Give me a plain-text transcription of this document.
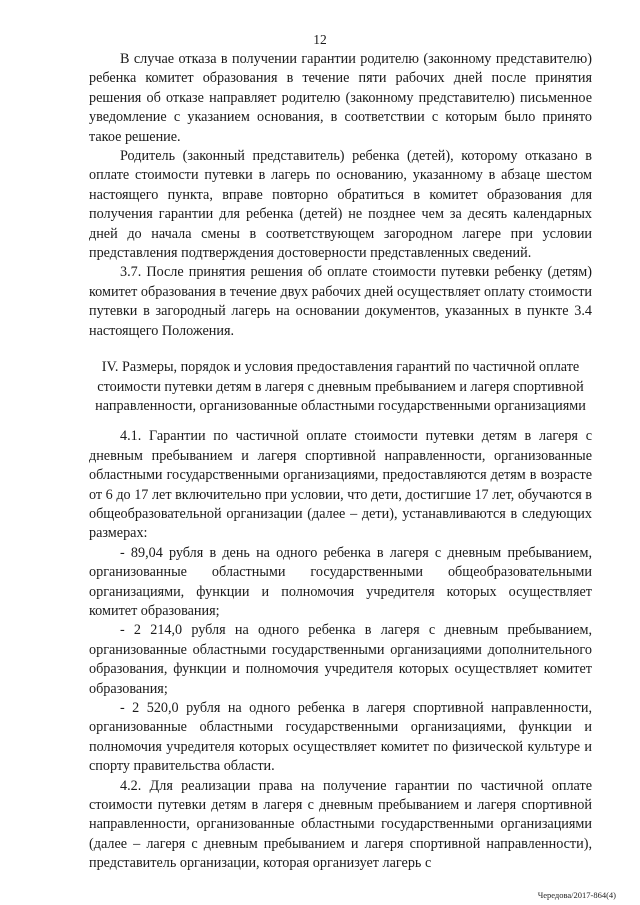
12

В случае отказа в получении гарантии родителю (законному представителю) ребенка комитет образования в течение пяти рабочих дней после принятия решения об отказе направляет родителю (законному представителю) письменное уведомление с указанием основания, в соответствии с которым было принято такое решение.

Родитель (законный представитель) ребенка (детей), которому отказано в оплате стоимости путевки в лагерь по основанию, указанному в абзаце шестом настоящего пункта, вправе повторно обратиться в комитет образования для получения гарантии для ребенка (детей) не позднее чем за десять календарных дней до начала смены в соответствующем загородном лагере при условии представления подтверждения достоверности представленных сведений.

3.7. После принятия решения об оплате стоимости путевки ребенку (детям) комитет образования в течение двух рабочих дней осуществляет оплату стоимости путевки в загородный лагерь на основании документов, указанных в пункте 3.4 настоящего Положения.

IV. Размеры, порядок и условия предоставления гарантий по частичной оплате стоимости путевки детям в лагеря с дневным пребыванием и лагеря спортивной направленности, организованные областными государственными организациями

4.1. Гарантии по частичной оплате стоимости путевки детям в лагеря с дневным пребыванием и лагеря спортивной направленности, организованные областными государственными организациями, предоставляются детям в возрасте от 6 до 17 лет включительно при условии, что дети, достигшие 17 лет, обучаются в общеобразовательной организации (далее – дети), устанавливаются в следующих размерах:

- 89,04 рубля в день на одного ребенка в лагеря с дневным пребыванием, организованные областными государственными общеобразовательными организациями, функции и полномочия учредителя которых осуществляет комитет образования;

- 2 214,0 рубля на одного ребенка в лагеря с дневным пребыванием, организованные областными государственными организациями дополнительного образования, функции и полномочия учредителя которых осуществляет комитет образования;

- 2 520,0 рубля на одного ребенка в лагеря спортивной направленности, организованные областными государственными организациями, функции и полномочия учредителя которых осуществляет комитет по физической культуре и спорту правительства области.

4.2. Для реализации права на получение гарантии по частичной оплате стоимости путевки детям в лагеря с дневным пребыванием и лагеря спортивной направленности, организованные областными государственными организациями (далее – лагеря с дневным пребыванием и лагеря спортивной направленности), представитель организации, которая организует лагерь с

Чередова/2017-864(4)
